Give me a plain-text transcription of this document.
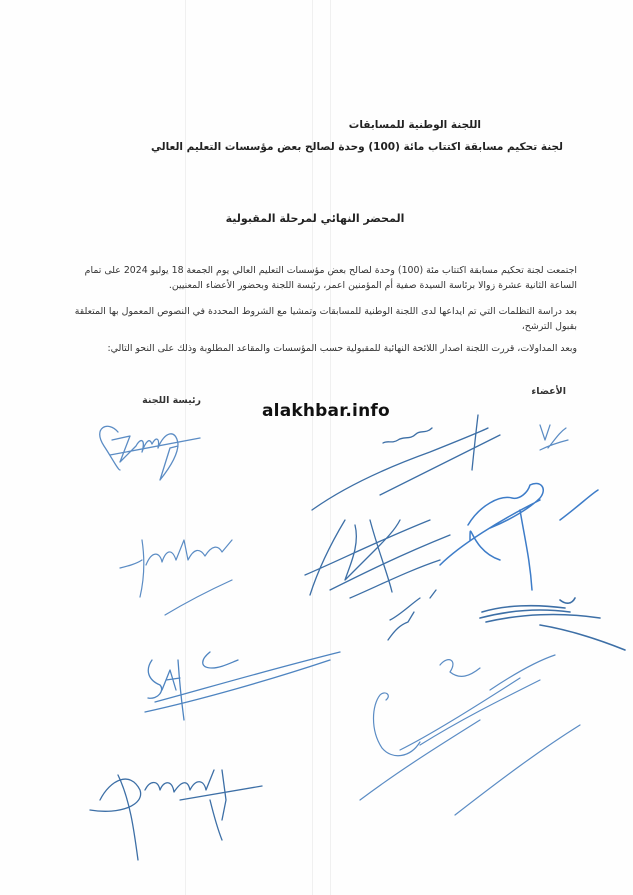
اللجنة الوطنية للمسابقات
لجنة تحكيم مسابقة اكتتاب مائة (100) وحدة لصالح بعض مؤسسات التعليم العالي
المحضر النهائي لمرحلة المقبولية
اجتمعت لجنة تحكيم مسابقة اكتتاب مئة (100) وحدة لصالح بعض مؤسسات التعليم العالي يوم الجمعة 18 يوليو 2024 على تمام الساعة الثانية عشرة زوالا برئاسة السيدة صفية أم المؤمنين اعمر، رئيسة اللجنة وبحضور الأعضاء المعنيين.
بعد دراسة التظلمات التي تم ايداعها لدى اللجنة الوطنية للمسابقات وتمشيا مع الشروط المحددة في النصوص المعمول بها المتعلقة بقبول الترشح،
وبعد المداولات، قررت اللجنة اصدار اللائحة النهائية للمقبولية حسب المؤسسات والمقاعد المطلوبة وذلك على النحو التالي:
الأعضاء
رئيسة اللجنة
alakhbar.info
